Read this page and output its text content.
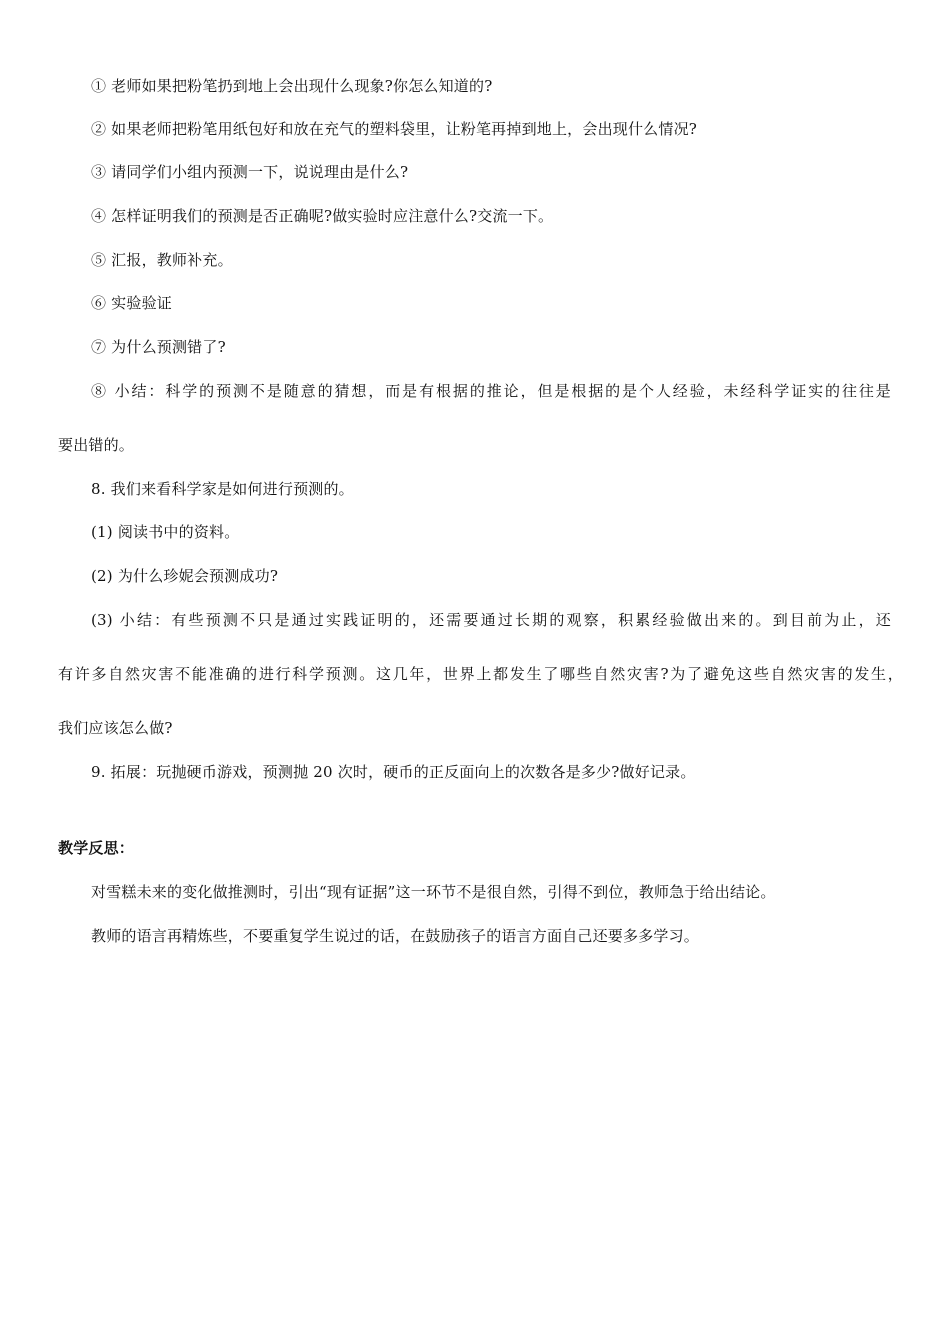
① 老师如果把粉笔扔到地上会出现什么现象?你怎么知道的?
② 如果老师把粉笔用纸包好和放在充气的塑料袋里，让粉笔再掉到地上，会出现什么情况?
③ 请同学们小组内预测一下，说说理由是什么?
④ 怎样证明我们的预测是否正确呢?做实验时应注意什么?交流一下。
⑤ 汇报，教师补充。
⑥ 实验验证
⑦ 为什么预测错了?
⑧ 小结：科学的预测不是随意的猜想，而是有根据的推论，但是根据的是个人经验，未经科学证实的往往是
要出错的。
8. 我们来看科学家是如何进行预测的。
(1) 阅读书中的资料。
(2) 为什么珍妮会预测成功?
(3) 小结：有些预测不只是通过实践证明的，还需要通过长期的观察，积累经验做出来的。到目前为止，还
有许多自然灾害不能准确的进行科学预测。这几年，世界上都发生了哪些自然灾害?为了避免这些自然灾害的发生，
我们应该怎么做?
9. 拓展：玩抛硬币游戏，预测抛 20 次时，硬币的正反面向上的次数各是多少?做好记录。
教学反思：
对雪糕未来的变化做推测时，引出“现有证据”这一环节不是很自然，引得不到位，教师急于给出结论。
教师的语言再精炼些，不要重复学生说过的话，在鼓励孩子的语言方面自己还要多多学习。
